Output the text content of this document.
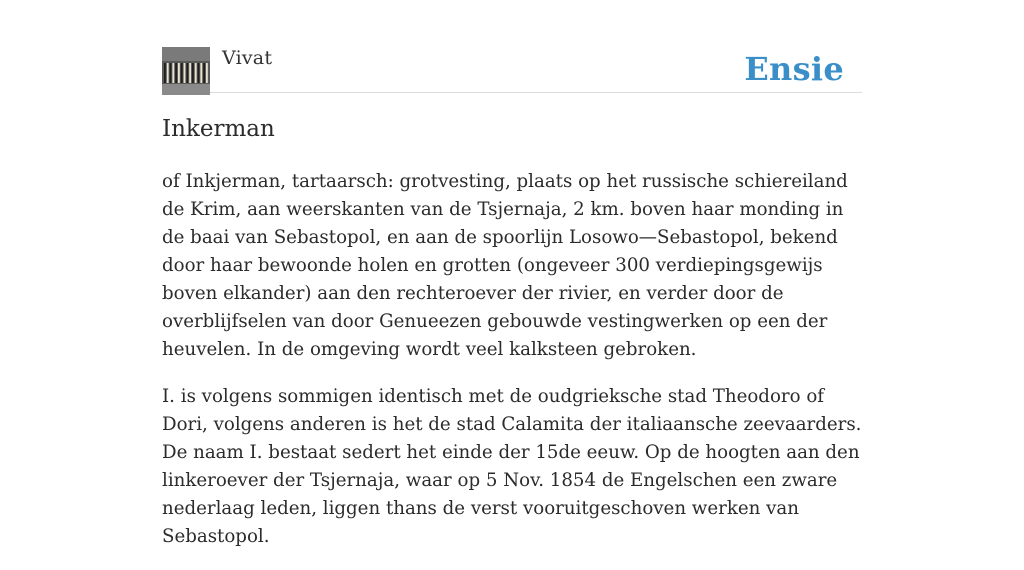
Vivat	Ensie
Inkerman

of Inkjerman, tartaarsch: grotvesting, plaats op het russische schiereiland de Krim, aan weerskanten van de Tsjernaja, 2 km. boven haar monding in de baai van Sebastopol, en aan de spoorlijn Losowo—Sebastopol, bekend door haar bewoonde holen en grotten (ongeveer 300 verdiepingsgewijs boven elkander) aan den rechteroever der rivier, en verder door de overblijfselen van door Genueezen gebouwde vestingwerken op een der heuvelen. In de omgeving wordt veel kalksteen gebroken.

I. is volgens sommigen identisch met de oudgrieksche stad Theodoro of Dori, volgens anderen is het de stad Calamita der italiaansche zeevaarders. De naam I. bestaat sedert het einde der 15de eeuw. Op de hoogten aan den linkeroever der Tsjernaja, waar op 5 Nov. 1854 de Engelschen een zware nederlaag leden, liggen thans de verst vooruitgeschoven werken van Sebastopol.
